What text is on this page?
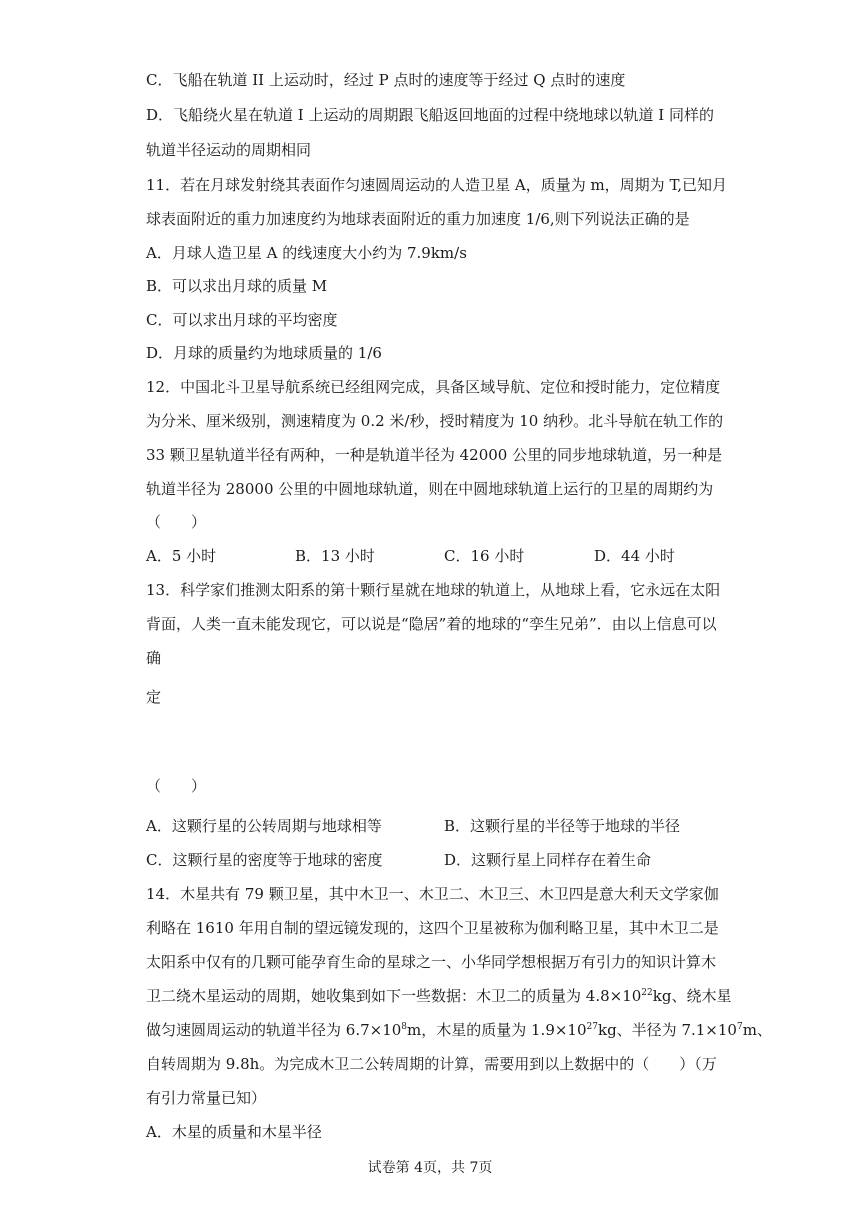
C．飞船在轨道 II 上运动时，经过 P 点时的速度等于经过 Q 点时的速度
D．飞船绕火星在轨道 I 上运动的周期跟飞船返回地面的过程中绕地球以轨道 I 同样的
轨道半径运动的周期相同
11．若在月球发射绕其表面作匀速圆周运动的人造卫星 A，质量为 m，周期为 T,已知月
球表面附近的重力加速度约为地球表面附近的重力加速度 1/6,则下列说法正确的是
A．月球人造卫星 A 的线速度大小约为 7.9km/s
B．可以求出月球的质量 M
C．可以求出月球的平均密度
D．月球的质量约为地球质量的 1/6
12．中国北斗卫星导航系统已经组网完成，具备区域导航、定位和授时能力，定位精度
为分米、厘米级别，测速精度为 0.2 米/秒，授时精度为 10 纳秒。北斗导航在轨工作的
33 颗卫星轨道半径有两种，一种是轨道半径为 42000 公里的同步地球轨道，另一种是
轨道半径为 28000 公里的中圆地球轨道，则在中圆地球轨道上运行的卫星的周期约为
（　　）
A．5 小时	B．13 小时	C．16 小时	D．44 小时
13．科学家们推测太阳系的第十颗行星就在地球的轨道上，从地球上看，它永远在太阳
背面，人类一直未能发现它，可以说是“隐居”着的地球的“孪生兄弟”．由以上信息可以
确
定
（　　）
A．这颗行星的公转周期与地球相等	B．这颗行星的半径等于地球的半径
C．这颗行星的密度等于地球的密度	D．这颗行星上同样存在着生命
14．木星共有 79 颗卫星，其中木卫一、木卫二、木卫三、木卫四是意大利天文学家伽
利略在 1610 年用自制的望远镜发现的，这四个卫星被称为伽利略卫星，其中木卫二是
太阳系中仅有的几颗可能孕育生命的星球之一、小华同学想根据万有引力的知识计算木
卫二绕木星运动的周期，她收集到如下一些数据：木卫二的质量为 $4.8\times 10^{22}kg$、绕木星
做匀速圆周运动的轨道半径为 $6.7\times 10^8m$，木星的质量为 $1.9\times 10^{27}kg$、半径为 $7.1\times 10^7m$、
自转周期为 9.8h。为完成木卫二公转周期的计算，需要用到以上数据中的（　　）（万
有引力常量已知）
A．木星的质量和木星半径
试卷第 4页，共 7页
